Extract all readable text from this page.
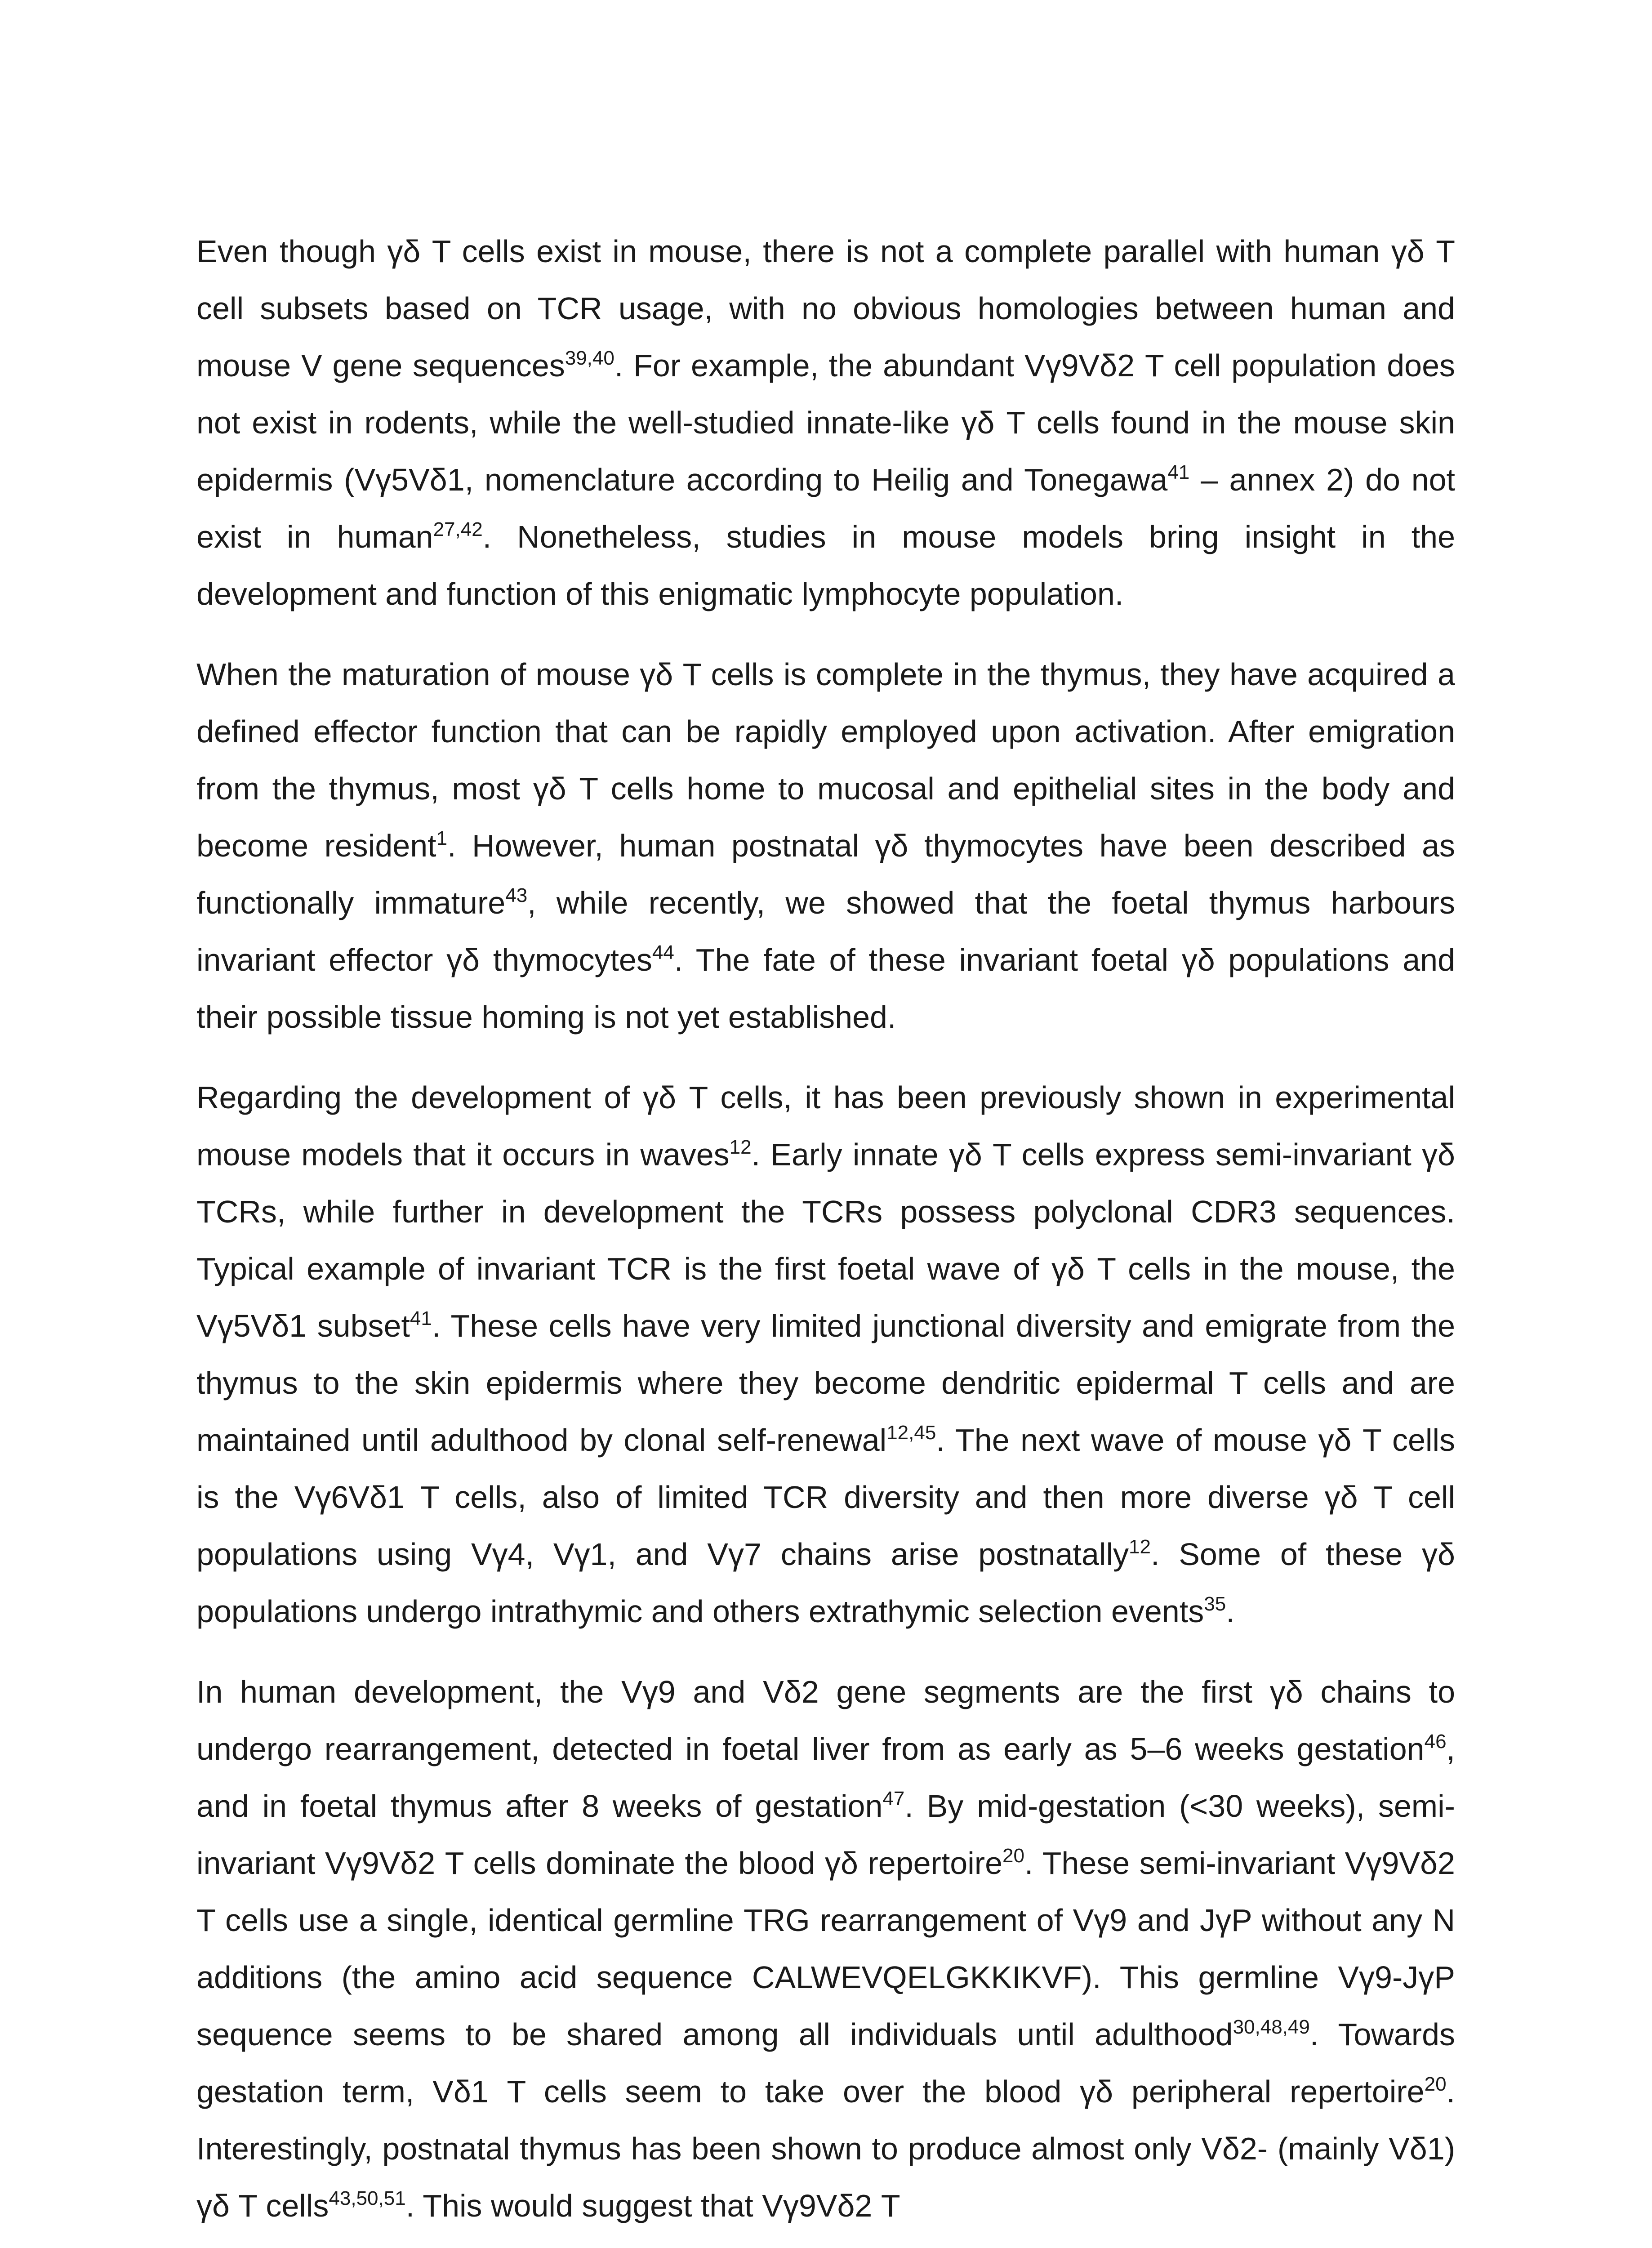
Even though γδ T cells exist in mouse, there is not a complete parallel with human γδ T cell subsets based on TCR usage, with no obvious homologies between human and mouse V gene sequences$^{39,40}$. For example, the abundant Vγ9Vδ2 T cell population does not exist in rodents, while the well-studied innate-like γδ T cells found in the mouse skin epidermis (Vγ5Vδ1, nomenclature according to Heilig and Tonegawa$^{41}$ – annex 2) do not exist in human$^{27,42}$. Nonetheless, studies in mouse models bring insight in the development and function of this enigmatic lymphocyte population.

When the maturation of mouse γδ T cells is complete in the thymus, they have acquired a defined effector function that can be rapidly employed upon activation. After emigration from the thymus, most γδ T cells home to mucosal and epithelial sites in the body and become resident$^1$. However, human postnatal γδ thymocytes have been described as functionally immature$^{43}$, while recently, we showed that the foetal thymus harbours invariant effector γδ thymocytes$^{44}$. The fate of these invariant foetal γδ populations and their possible tissue homing is not yet established.

Regarding the development of γδ T cells, it has been previously shown in experimental mouse models that it occurs in waves$^{12}$. Early innate γδ T cells express semi-invariant γδ TCRs, while further in development the TCRs possess polyclonal CDR3 sequences. Typical example of invariant TCR is the first foetal wave of γδ T cells in the mouse, the Vγ5Vδ1 subset$^{41}$. These cells have very limited junctional diversity and emigrate from the thymus to the skin epidermis where they become dendritic epidermal T cells and are maintained until adulthood by clonal self-renewal$^{12,45}$. The next wave of mouse γδ T cells is the Vγ6Vδ1 T cells, also of limited TCR diversity and then more diverse γδ T cell populations using Vγ4, Vγ1, and Vγ7 chains arise postnatally$^{12}$. Some of these γδ populations undergo intrathymic and others extrathymic selection events$^{35}$.

In human development, the Vγ9 and Vδ2 gene segments are the first γδ chains to undergo rearrangement, detected in foetal liver from as early as 5–6 weeks gestation$^{46}$, and in foetal thymus after 8 weeks of gestation$^{47}$. By mid-gestation (<30 weeks), semi-invariant Vγ9Vδ2 T cells dominate the blood γδ repertoire$^{20}$. These semi-invariant Vγ9Vδ2 T cells use a single, identical germline TRG rearrangement of Vγ9 and JγP without any N additions (the amino acid sequence CALWEVQELGKKIKVF). This germline Vγ9-JγP sequence seems to be shared among all individuals until adulthood$^{30,48,49}$. Towards gestation term, Vδ1 T cells seem to take over the blood γδ peripheral repertoire$^{20}$. Interestingly, postnatal thymus has been shown to produce almost only Vδ2- (mainly Vδ1) γδ T cells$^{43,50,51}$. This would suggest that Vγ9Vδ2 T
